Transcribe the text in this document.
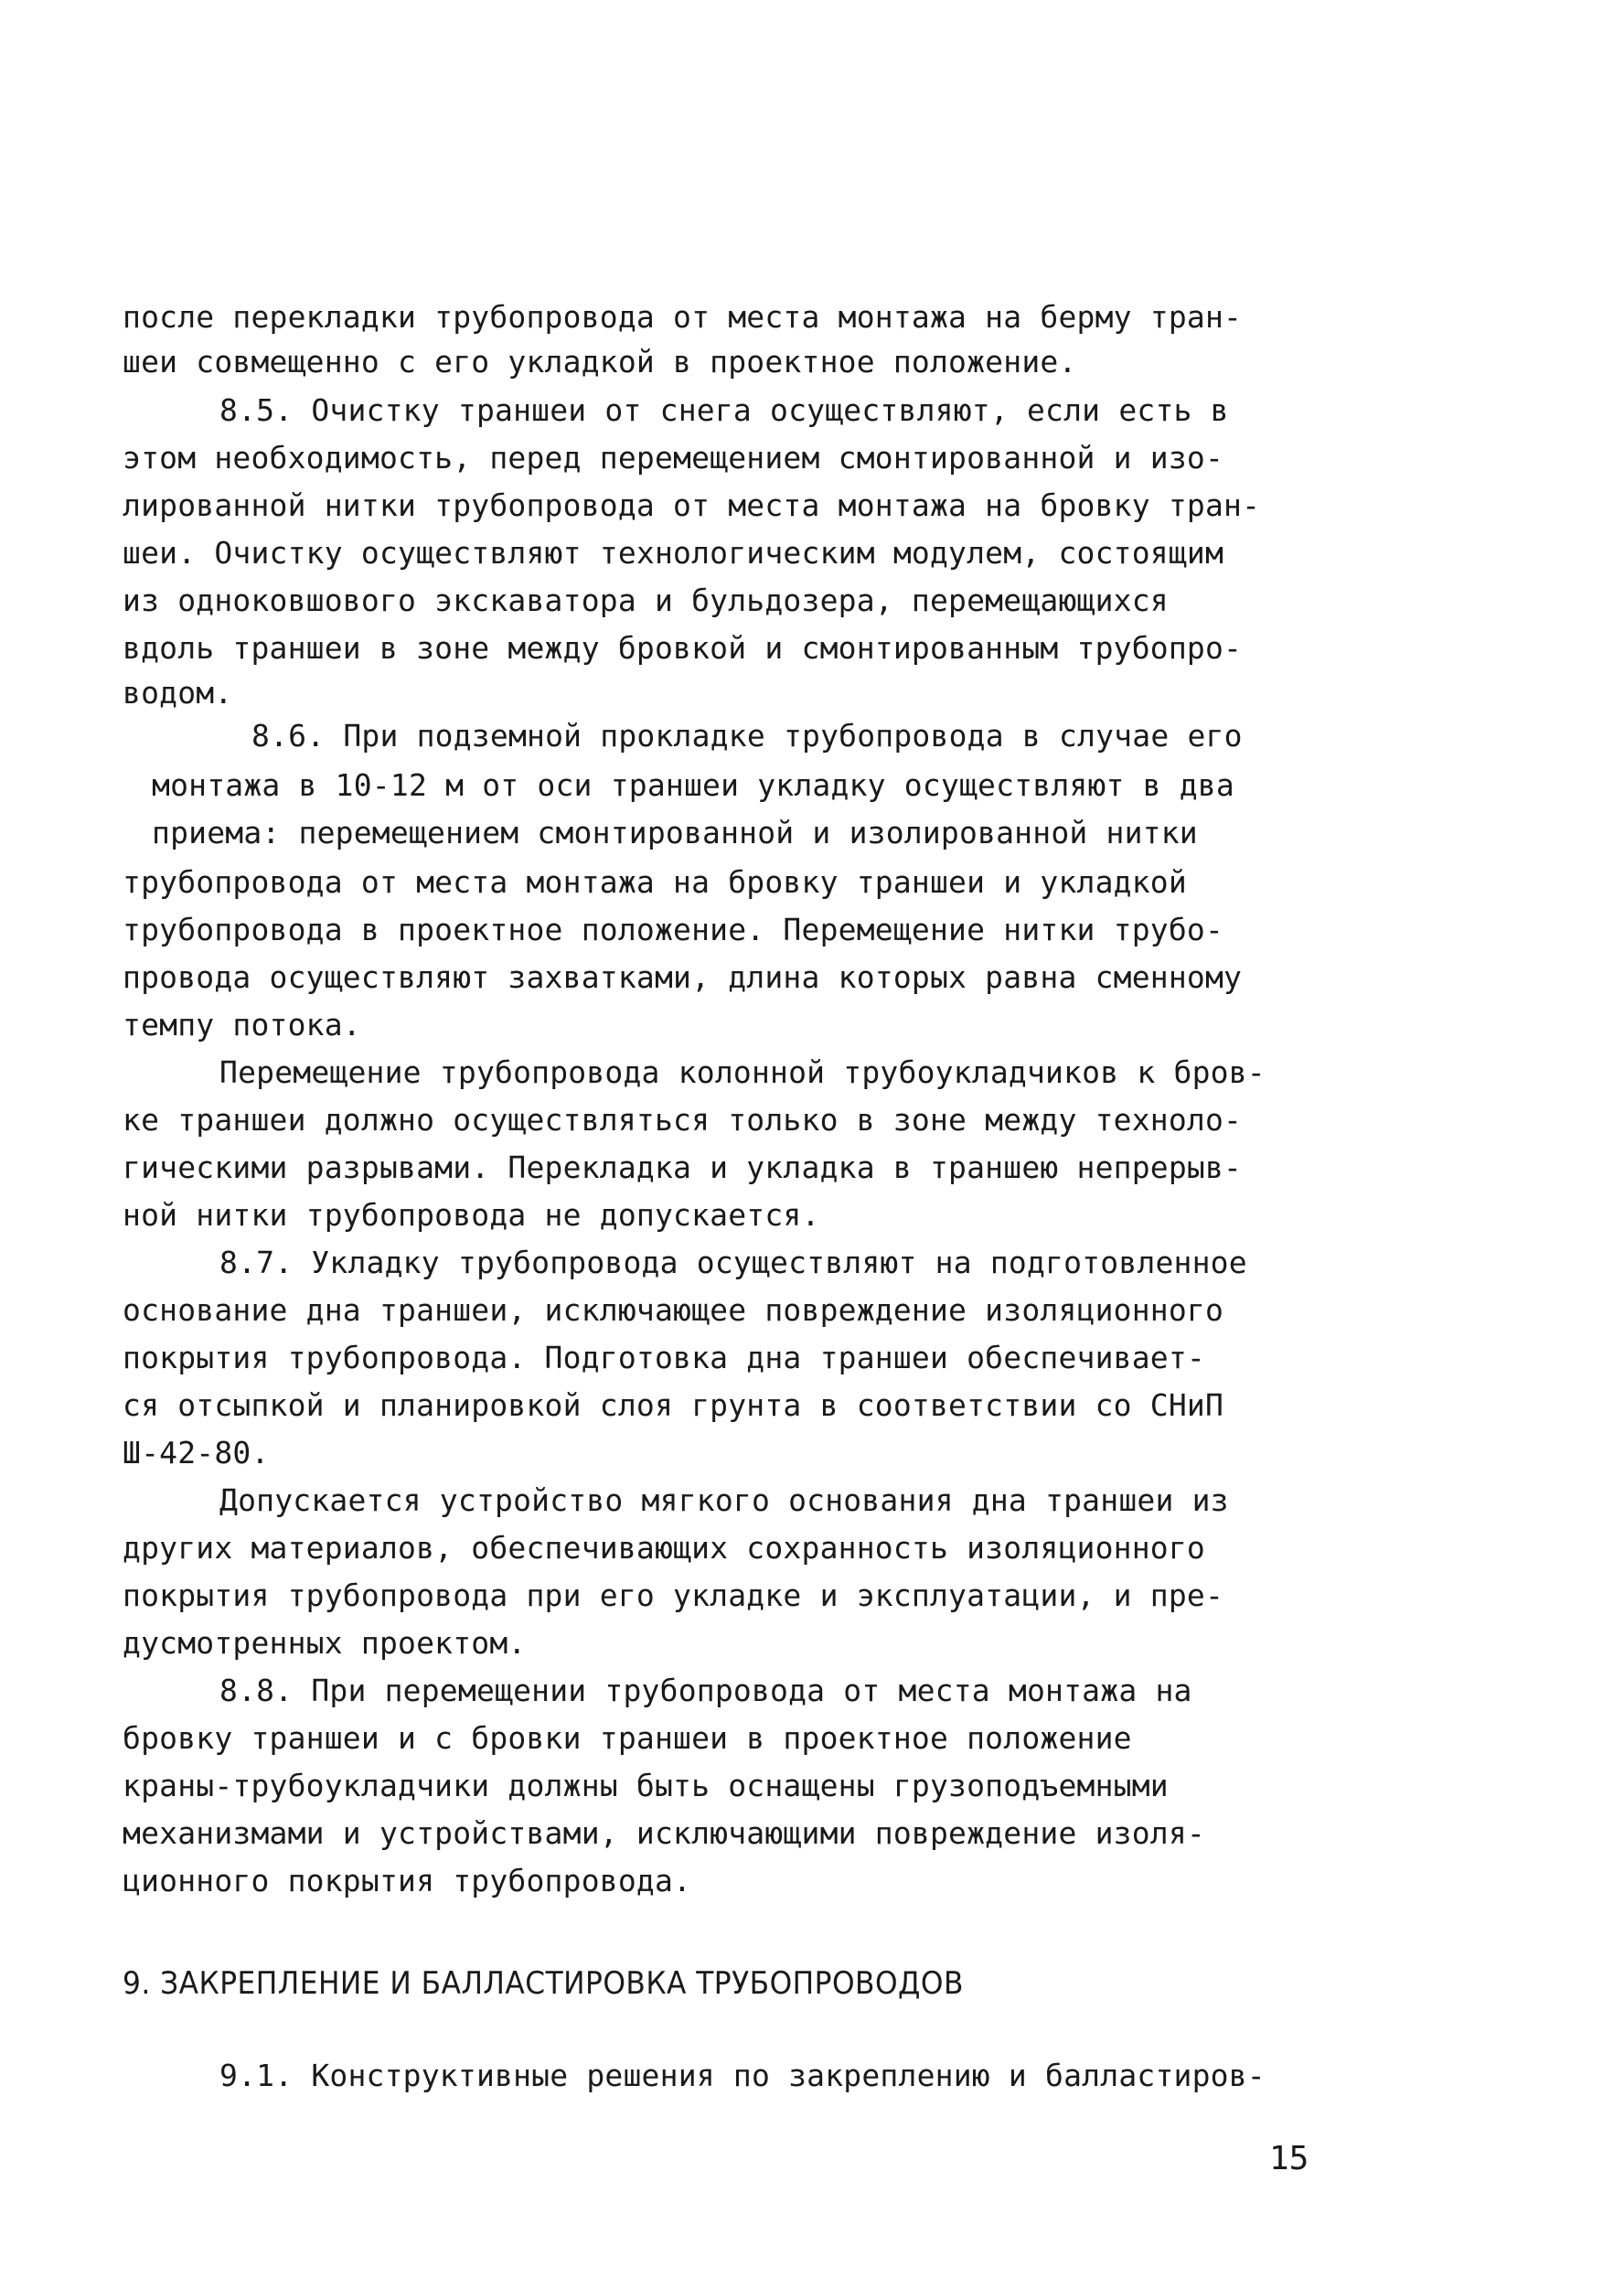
после перекладки трубопровода от места монтажа на берму тран-
шеи совмещенно с его укладкой в проектное положение.
8.5. Очистку траншеи от снега осуществляют, если есть в
этом необходимость, перед перемещением смонтированной и изо-
лированной нитки трубопровода от места монтажа на бровку тран-
шеи. Очистку осуществляют технологическим модулем, состоящим
из одноковшового экскаватора и бульдозера, перемещающихся
вдоль траншеи в зоне между бровкой и смонтированным трубопро-
водом.
8.6. При подземной прокладке трубопровода в случае его
монтажа в 10-12 м от оси траншеи укладку осуществляют в два
приема: перемещением смонтированной и изолированной нитки
трубопровода от места монтажа на бровку траншеи и укладкой
трубопровода в проектное положение. Перемещение нитки трубо-
провода осуществляют захватками, длина которых равна сменному
темпу потока.
Перемещение трубопровода колонной трубоукладчиков к бров-
ке траншеи должно осуществляться только в зоне между техноло-
гическими разрывами. Перекладка и укладка в траншею непрерыв-
ной нитки трубопровода не допускается.
8.7. Укладку трубопровода осуществляют на подготовленное
основание дна траншеи, исключающее повреждение изоляционного
покрытия трубопровода. Подготовка дна траншеи обеспечивает-
ся отсыпкой и планировкой слоя грунта в соответствии со СНиП
Ш-42-80.
Допускается устройство мягкого основания дна траншеи из
других материалов, обеспечивающих сохранность изоляционного
покрытия трубопровода при его укладке и эксплуатации, и пре-
дусмотренных проектом.
8.8. При перемещении трубопровода от места монтажа на
бровку траншеи и с бровки траншеи в проектное положение
краны-трубоукладчики должны быть оснащены грузоподъемными
механизмами и устройствами, исключающими повреждение изоля-
ционного покрытия трубопровода.
9. ЗАКРЕПЛЕНИЕ И БАЛЛАСТИРОВКА ТРУБОПРОВОДОВ
9.1. Конструктивные решения по закреплению и балластиров-
15
